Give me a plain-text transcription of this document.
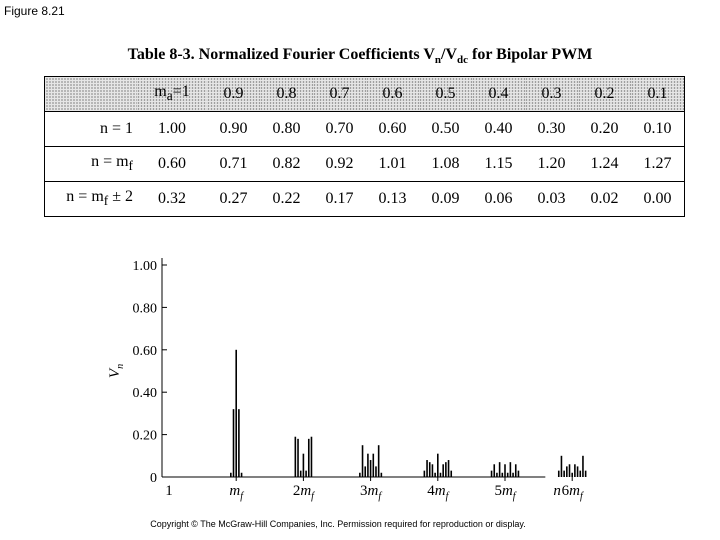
Figure 8.21
Table 8-3. Normalized Fourier Coefficients $V_n/V_{dc}$ for Bipolar PWM
	$m_a=1$	0.9	0.8	0.7	0.6	0.5	0.4	0.3	0.2	0.1
n = 1	1.00	0.90	0.80	0.70	0.60	0.50	0.40	0.30	0.20	0.10
$n = m_f$	0.60	0.71	0.82	0.92	1.01	1.08	1.15	1.20	1.24	1.27
$n = m_f \pm 2$	0.32	0.27	0.22	0.17	0.13	0.09	0.06	0.03	0.02	0.00
0
0.20
0.40
0.60
0.80
1.00
$V_n$
1	$m_f$	$2m_f$	$3m_f$	$4m_f$	$5m_f$	$6m_f$
n
Copyright © The McGraw-Hill Companies, Inc. Permission required for reproduction or display.
